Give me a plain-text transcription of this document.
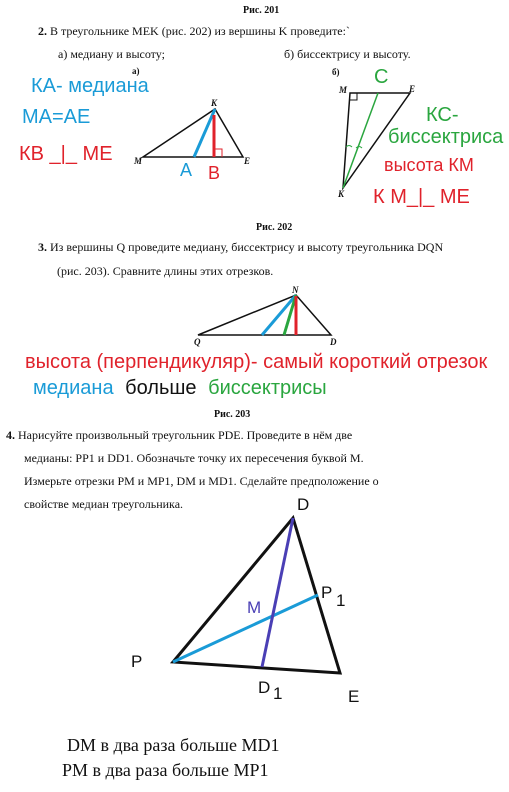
Рис. 201
2. В треугольнике MEK (рис. 202) из вершины K проведите:`
а) медиану и высоту;	б) биссектрису и высоту.
КА- медиана
МА=АЕ
КВ _|_ МЕ
а)
M
K
E
А В
б)
M	E
K
С
КС-
биссектриса
высота КМ
К М_|_ МЕ
Рис. 202
3. Из вершины Q проведите медиану, биссектрису и высоту треугольника DQN
(рис. 203). Сравните длины этих отрезков.
Q
N
D
высота (перпендикуляр)- самый короткий отрезок
медиана больше биссектрисы
Рис. 203
4. Нарисуйте произвольный треугольник PDE. Проведите в нём две
медианы: PP1 и DD1. Обозначьте точку их пересечения буквой M.
Измерьте отрезки PM и MP1, DM и MD1. Сделайте предположение о
свойстве медиан треугольника.	D
P
E
M
P 1
D 1
DM в два раза больше MD1
PM в два раза больше MP1
